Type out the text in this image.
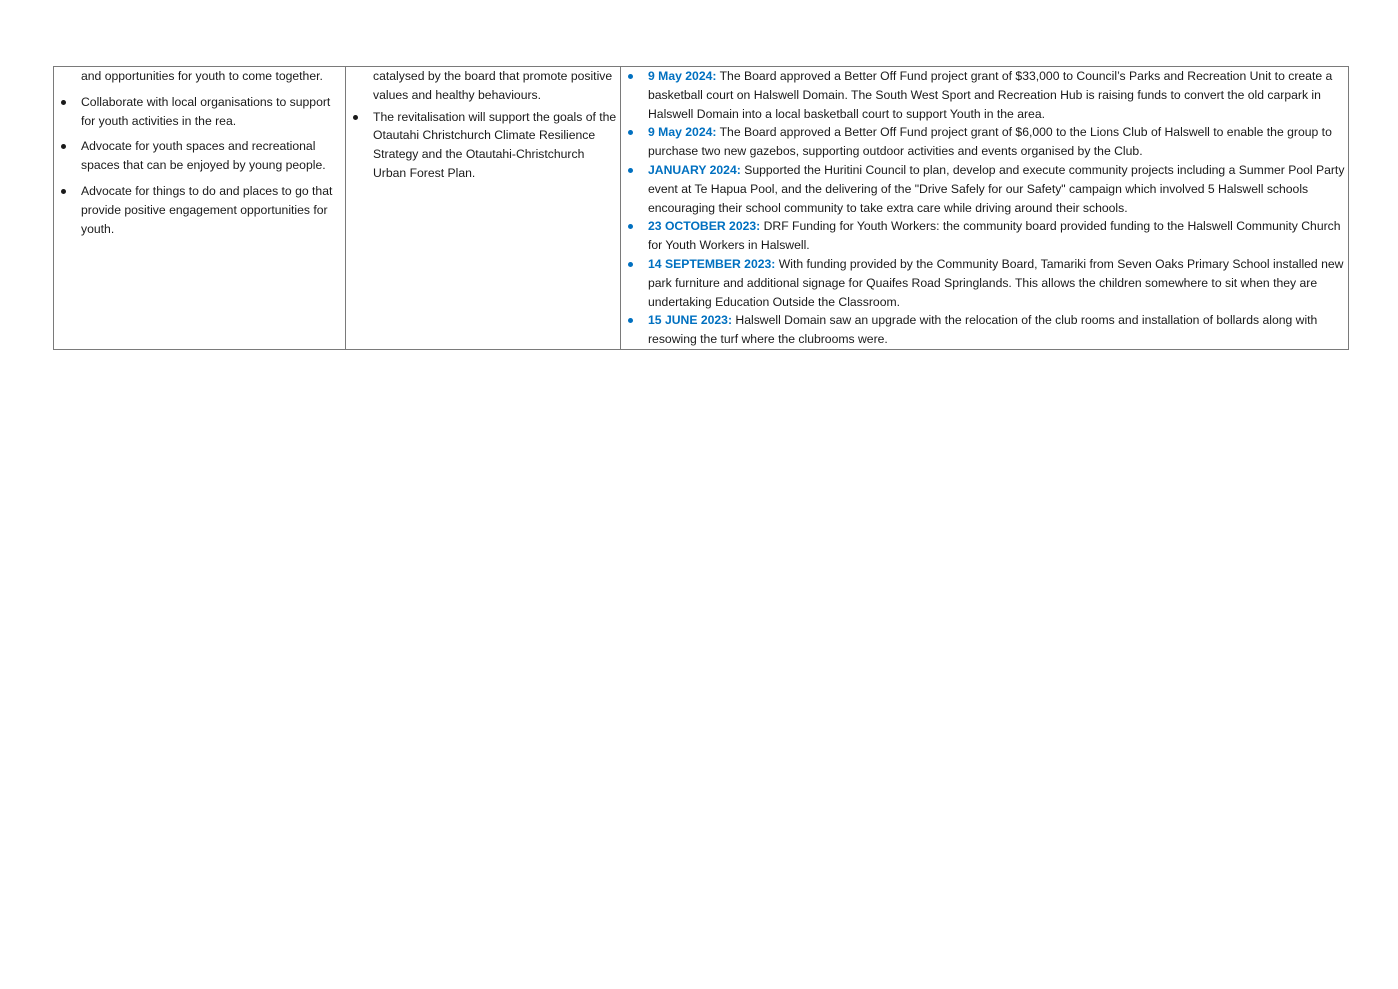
and opportunities for youth to come together.
Collaborate with local organisations to support for youth activities in the rea.
Advocate for youth spaces and recreational spaces that can be enjoyed by young people.
Advocate for things to do and places to go that provide positive engagement opportunities for youth.

catalysed by the board that promote positive values and healthy behaviours.
The revitalisation will support the goals of the Otautahi Christchurch Climate Resilience Strategy and the Otautahi-Christchurch Urban Forest Plan.

9 May 2024: The Board approved a Better Off Fund project grant of $33,000 to Council’s Parks and Recreation Unit to create a basketball court on Halswell Domain. The South West Sport and Recreation Hub is raising funds to convert the old carpark in Halswell Domain into a local basketball court to support Youth in the area.
9 May 2024: The Board approved a Better Off Fund project grant of $6,000 to the Lions Club of Halswell to enable the group to purchase two new gazebos, supporting outdoor activities and events organised by the Club.
JANUARY 2024: Supported the Huritini Council to plan, develop and execute community projects including a Summer Pool Party event at Te Hapua Pool, and the delivering of the "Drive Safely for our Safety" campaign which involved 5 Halswell schools encouraging their school community to take extra care while driving around their schools.
23 OCTOBER 2023: DRF Funding for Youth Workers: the community board provided funding to the Halswell Community Church for Youth Workers in Halswell.
14 SEPTEMBER 2023: With funding provided by the Community Board, Tamariki from Seven Oaks Primary School installed new park furniture and additional signage for Quaifes Road Springlands. This allows the children somewhere to sit when they are undertaking Education Outside the Classroom.
15 JUNE 2023: Halswell Domain saw an upgrade with the relocation of the club rooms and installation of bollards along with resowing the turf where the clubrooms were.
